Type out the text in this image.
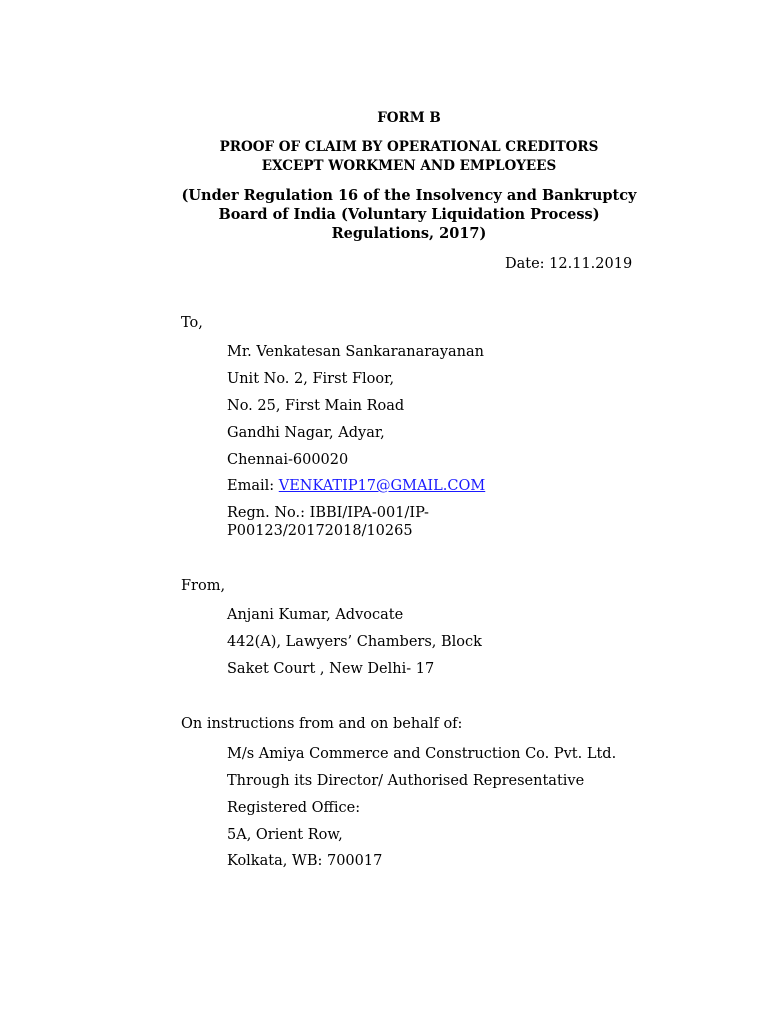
FORM B
PROOF OF CLAIM BY OPERATIONAL CREDITORS
EXCEPT WORKMEN AND EMPLOYEES
(Under Regulation 16 of the Insolvency and Bankruptcy
Board of India (Voluntary Liquidation Process)
Regulations, 2017)
Date: 12.11.2019
To,
Mr. Venkatesan Sankaranarayanan
Unit No. 2, First Floor,
No. 25, First Main Road
Gandhi Nagar, Adyar,
Chennai-600020
Email: VENKATIP17@GMAIL.COM
Regn. No.: IBBI/IPA-001/IP-
P00123/20172018/10265
From,
Anjani Kumar, Advocate
442(A), Lawyers’ Chambers, Block
Saket Court , New Delhi- 17
On instructions from and on behalf of:
M/s Amiya Commerce and Construction Co. Pvt. Ltd.
Through its Director/ Authorised Representative
Registered Office:
5A, Orient Row,
Kolkata, WB: 700017
